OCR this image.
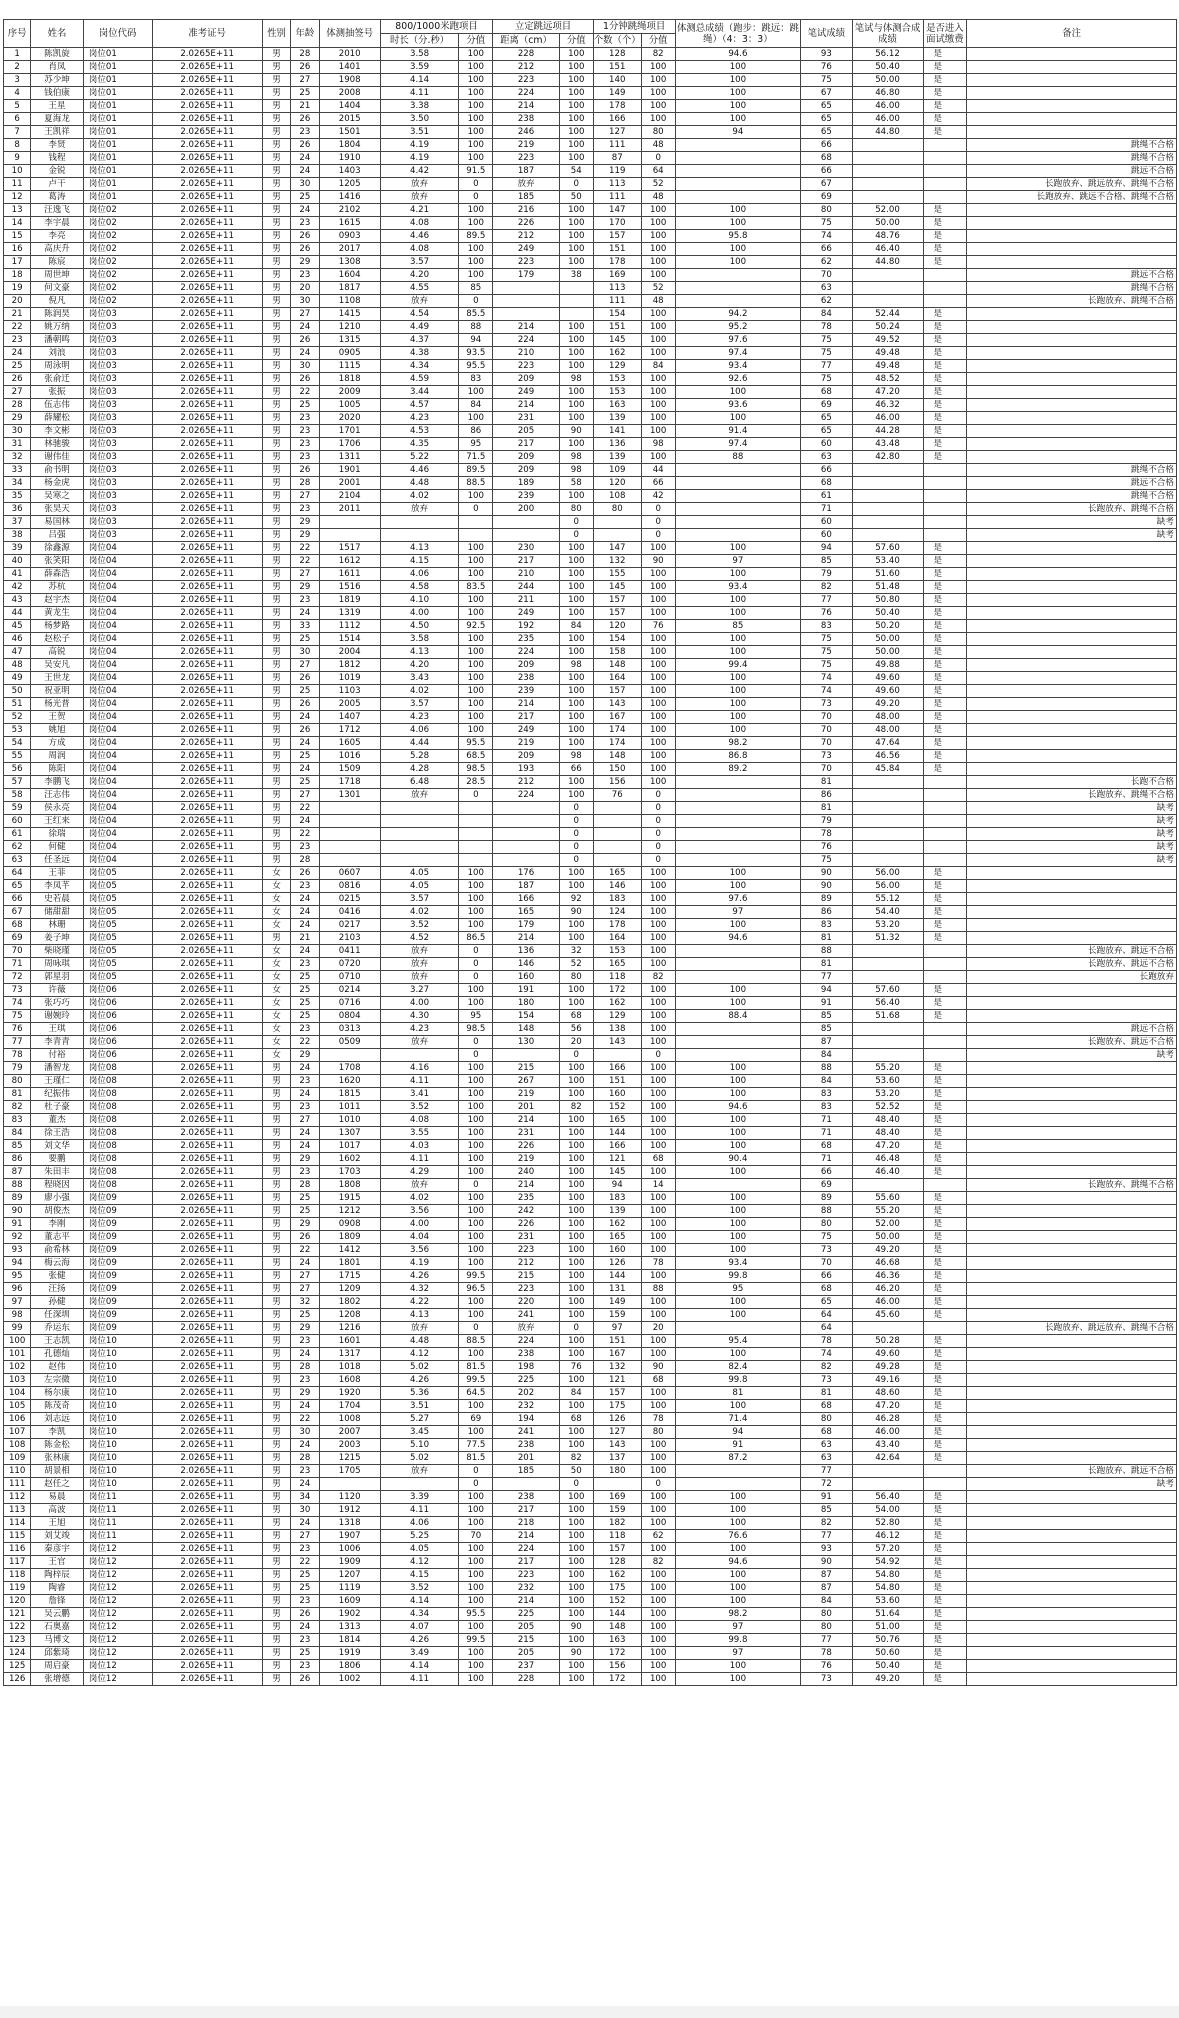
序号	姓名	岗位代码	准考证号	性别	年龄	体测抽签号	800/1000米跑项目		立定跳远项目		1分钟跳绳项目		体测总成绩（跑步：跳远：跳绳）（4：3：3）	笔试成绩	笔试与体测合成成绩	是否进入面试缴费	备注
							时长（分.秒）	分值	距离（cm）	分值	个数（个）	分值					
1	陈凯旋	岗位01	2.0265E+11	男	28	2010	3.58	100	228	100	128	82	94.6	93	56.12	是	
2	肖凤	岗位01	2.0265E+11	男	26	1401	3.59	100	212	100	151	100	100	76	50.40	是	
3	苏少坤	岗位01	2.0265E+11	男	27	1908	4.14	100	223	100	140	100	100	75	50.00	是	
4	钱伯康	岗位01	2.0265E+11	男	25	2008	4.11	100	224	100	149	100	100	67	46.80	是	
5	王星	岗位01	2.0265E+11	男	21	1404	3.38	100	214	100	178	100	100	65	46.00	是	
6	夏海龙	岗位01	2.0265E+11	男	26	2015	3.50	100	238	100	166	100	100	65	46.00	是	
7	王凯祥	岗位01	2.0265E+11	男	23	1501	3.51	100	246	100	127	80	94	65	44.80	是	
8	李贤	岗位01	2.0265E+11	男	26	1804	4.19	100	219	100	111	48		66			跳绳不合格
9	钱程	岗位01	2.0265E+11	男	24	1910	4.19	100	223	100	87	0		68			跳绳不合格
10	金锐	岗位01	2.0265E+11	男	24	1403	4.42	91.5	187	54	119	64		66			跳远不合格
11	卢干	岗位01	2.0265E+11	男	30	1205	放弃	0	放弃	0	113	52		67			长跑放弃、跳远放弃、跳绳不合格
12	葛涛	岗位01	2.0265E+11	男	25	1416	放弃	0	185	50	111	48		69			长跑放弃、跳远不合格、跳绳不合格
13	汪逸飞	岗位02	2.0265E+11	男	24	2102	4.21	100	216	100	147	100	100	80	52.00	是	
14	李宇晨	岗位02	2.0265E+11	男	23	1615	4.08	100	226	100	170	100	100	75	50.00	是	
15	李亮	岗位02	2.0265E+11	男	26	0903	4.46	89.5	212	100	157	100	95.8	74	48.76	是	
16	高庆升	岗位02	2.0265E+11	男	26	2017	4.08	100	249	100	151	100	100	66	46.40	是	
17	陈宸	岗位02	2.0265E+11	男	29	1308	3.57	100	223	100	178	100	100	62	44.80	是	
18	周世坤	岗位02	2.0265E+11	男	23	1604	4.20	100	179	38	169	100		70			跳远不合格
19	何文豪	岗位02	2.0265E+11	男	20	1817	4.55	85			113	52		63			跳绳不合格
20	倪凡	岗位02	2.0265E+11	男	30	1108	放弃	0			111	48		62			长跑放弃、跳绳不合格
21	陈润昊	岗位03	2.0265E+11	男	27	1415	4.54	85.5			154	100	94.2	84	52.44	是	
22	姚万纳	岗位03	2.0265E+11	男	24	1210	4.49	88	214	100	151	100	95.2	78	50.24	是	
23	潘朝鸣	岗位03	2.0265E+11	男	26	1315	4.37	94	224	100	145	100	97.6	75	49.52	是	
24	刘浪	岗位03	2.0265E+11	男	24	0905	4.38	93.5	210	100	162	100	97.4	75	49.48	是	
25	周泳明	岗位03	2.0265E+11	男	30	1115	4.34	95.5	223	100	129	84	93.4	77	49.48	是	
26	张俞迁	岗位03	2.0265E+11	男	26	1818	4.59	83	209	98	153	100	92.6	75	48.52	是	
27	张振	岗位03	2.0265E+11	男	22	2009	3.44	100	249	100	153	100	100	68	47.20	是	
28	伍志伟	岗位03	2.0265E+11	男	25	1005	4.57	84	214	100	163	100	93.6	69	46.32	是	
29	薛耀松	岗位03	2.0265E+11	男	23	2020	4.23	100	231	100	139	100	100	65	46.00	是	
30	李文彬	岗位03	2.0265E+11	男	23	1701	4.53	86	205	90	141	100	91.4	65	44.28	是	
31	林驰骏	岗位03	2.0265E+11	男	23	1706	4.35	95	217	100	136	98	97.4	60	43.48	是	
32	谢伟佳	岗位03	2.0265E+11	男	23	1311	5.22	71.5	209	98	139	100	88	63	42.80	是	
33	俞书明	岗位03	2.0265E+11	男	26	1901	4.46	89.5	209	98	109	44		66			跳绳不合格
34	杨金虎	岗位03	2.0265E+11	男	28	2001	4.48	88.5	189	58	120	66		68			跳远不合格
35	吴寒之	岗位03	2.0265E+11	男	27	2104	4.02	100	239	100	108	42		61			跳绳不合格
36	张昊天	岗位03	2.0265E+11	男	23	2011	放弃	0	200	80	80	0		71			长跑放弃、跳绳不合格
37	易国林	岗位03	2.0265E+11	男	29					0		0		60			缺考
38	吕强	岗位03	2.0265E+11	男	29					0		0		60			缺考
39	徐鑫源	岗位04	2.0265E+11	男	22	1517	4.13	100	230	100	147	100	100	94	57.60	是	
40	张笑阳	岗位04	2.0265E+11	男	22	1612	4.15	100	217	100	132	90	97	85	53.40	是	
41	薛森浩	岗位04	2.0265E+11	男	27	1611	4.06	100	210	100	155	100	100	79	51.60	是	
42	苏杭	岗位04	2.0265E+11	男	29	1516	4.58	83.5	244	100	145	100	93.4	82	51.48	是	
43	赵宇杰	岗位04	2.0265E+11	男	23	1819	4.10	100	211	100	157	100	100	77	50.80	是	
44	黄龙生	岗位04	2.0265E+11	男	24	1319	4.00	100	249	100	157	100	100	76	50.40	是	
45	杨梦路	岗位04	2.0265E+11	男	33	1112	4.50	92.5	192	84	120	76	85	83	50.20	是	
46	赵松子	岗位04	2.0265E+11	男	25	1514	3.58	100	235	100	154	100	100	75	50.00	是	
47	高锐	岗位04	2.0265E+11	男	30	2004	4.13	100	224	100	158	100	100	75	50.00	是	
48	吴安凡	岗位04	2.0265E+11	男	27	1812	4.20	100	209	98	148	100	99.4	75	49.88	是	
49	王世龙	岗位04	2.0265E+11	男	26	1019	3.43	100	238	100	164	100	100	74	49.60	是	
50	祝亚明	岗位04	2.0265E+11	男	25	1103	4.02	100	239	100	157	100	100	74	49.60	是	
51	杨光普	岗位04	2.0265E+11	男	26	2005	3.57	100	214	100	143	100	100	73	49.20	是	
52	王贺	岗位04	2.0265E+11	男	24	1407	4.23	100	217	100	167	100	100	70	48.00	是	
53	姚旭	岗位04	2.0265E+11	男	26	1712	4.06	100	249	100	174	100	100	70	48.00	是	
54	方成	岗位04	2.0265E+11	男	24	1605	4.44	95.5	219	100	174	100	98.2	70	47.64	是	
55	周润	岗位04	2.0265E+11	男	25	1016	5.28	68.5	209	98	148	100	86.8	73	46.56	是	
56	陈阳	岗位04	2.0265E+11	男	24	1509	4.28	98.5	193	66	150	100	89.2	70	45.84	是	
57	李鹏飞	岗位04	2.0265E+11	男	25	1718	6.48	28.5	212	100	156	100		81			长跑不合格
58	汪志伟	岗位04	2.0265E+11	男	27	1301	放弃	0	224	100	76	0		86			长跑放弃、跳绳不合格
59	侯永亮	岗位04	2.0265E+11	男	22					0		0		81			缺考
60	王红来	岗位04	2.0265E+11	男	24					0		0		79			缺考
61	徐瑞	岗位04	2.0265E+11	男	22					0		0		78			缺考
62	何健	岗位04	2.0265E+11	男	23					0		0		76			缺考
63	任圣远	岗位04	2.0265E+11	男	28					0		0		75			缺考
64	王菲	岗位05	2.0265E+11	女	26	0607	4.05	100	176	100	165	100	100	90	56.00	是	
65	李凤芊	岗位05	2.0265E+11	女	23	0816	4.05	100	187	100	146	100	100	90	56.00	是	
66	史若晨	岗位05	2.0265E+11	女	24	0215	3.57	100	166	92	183	100	97.6	89	55.12	是	
67	储甜甜	岗位05	2.0265E+11	女	24	0416	4.02	100	165	90	124	100	97	86	54.40	是	
68	林珊	岗位05	2.0265E+11	女	24	0217	3.52	100	179	100	178	100	100	83	53.20	是	
69	姜子坤	岗位05	2.0265E+11	男	21	2103	4.52	86.5	214	100	164	100	94.6	81	51.32	是	
70	柴晓瑾	岗位05	2.0265E+11	女	24	0411	放弃	0	136	32	153	100		88			长跑放弃、跳远不合格
71	周咏琪	岗位05	2.0265E+11	女	23	0720	放弃	0	146	52	165	100		81			长跑放弃、跳远不合格
72	郭星羽	岗位05	2.0265E+11	女	25	0710	放弃	0	160	80	118	82		77			长跑放弃
73	许薇	岗位06	2.0265E+11	女	25	0214	3.27	100	191	100	172	100	100	94	57.60	是	
74	张巧巧	岗位06	2.0265E+11	女	25	0716	4.00	100	180	100	162	100	100	91	56.40	是	
75	谢婉玲	岗位06	2.0265E+11	女	25	0804	4.30	95	154	68	129	100	88.4	85	51.68	是	
76	王琪	岗位06	2.0265E+11	女	23	0313	4.23	98.5	148	56	138	100		85			跳远不合格
77	李青青	岗位06	2.0265E+11	女	22	0509	放弃	0	130	20	143	100		87			长跑放弃、跳远不合格
78	付裕	岗位06	2.0265E+11	女	29			0		0		0		84			缺考
79	潘智龙	岗位08	2.0265E+11	男	24	1708	4.16	100	215	100	166	100	100	88	55.20	是	
80	王瑾仁	岗位08	2.0265E+11	男	23	1620	4.11	100	267	100	151	100	100	84	53.60	是	
81	纪振伟	岗位08	2.0265E+11	男	24	1815	3.41	100	219	100	160	100	100	83	53.20	是	
82	杜子豪	岗位08	2.0265E+11	男	23	1011	3.52	100	201	82	152	100	94.6	83	52.52	是	
83	董杰	岗位08	2.0265E+11	男	27	1010	4.08	100	214	100	165	100	100	71	48.40	是	
84	徐王浩	岗位08	2.0265E+11	男	24	1307	3.55	100	231	100	144	100	100	71	48.40	是	
85	刘文华	岗位08	2.0265E+11	男	24	1017	4.03	100	226	100	166	100	100	68	47.20	是	
86	要鹏	岗位08	2.0265E+11	男	29	1602	4.11	100	219	100	121	68	90.4	71	46.48	是	
87	朱田丰	岗位08	2.0265E+11	男	23	1703	4.29	100	240	100	145	100	100	66	46.40	是	
88	程晓因	岗位08	2.0265E+11	男	28	1808	放弃	0	214	100	94	14		69			长跑放弃、跳绳不合格
89	廖小强	岗位09	2.0265E+11	男	25	1915	4.02	100	235	100	183	100	100	89	55.60	是	
90	胡俊杰	岗位09	2.0265E+11	男	25	1212	3.56	100	242	100	139	100	100	88	55.20	是	
91	李刚	岗位09	2.0265E+11	男	29	0908	4.00	100	226	100	162	100	100	80	52.00	是	
92	董志平	岗位09	2.0265E+11	男	26	1809	4.04	100	231	100	165	100	100	75	50.00	是	
93	俞希林	岗位09	2.0265E+11	男	22	1412	3.56	100	223	100	160	100	100	73	49.20	是	
94	梅云海	岗位09	2.0265E+11	男	24	1801	4.19	100	212	100	126	78	93.4	70	46.68	是	
95	张健	岗位09	2.0265E+11	男	27	1715	4.26	99.5	215	100	144	100	99.8	66	46.36	是	
96	汪扬	岗位09	2.0265E+11	男	27	1209	4.32	96.5	223	100	131	88	95	68	46.20	是	
97	孙健	岗位09	2.0265E+11	男	32	1802	4.22	100	220	100	149	100	100	65	46.00	是	
98	任深圳	岗位09	2.0265E+11	男	25	1208	4.13	100	241	100	159	100	100	64	45.60	是	
99	乔运东	岗位09	2.0265E+11	男	29	1216	放弃	0	放弃	0	97	20		64			长跑放弃、跳远放弃、跳绳不合格
100	王志凯	岗位10	2.0265E+11	男	23	1601	4.48	88.5	224	100	151	100	95.4	78	50.28	是	
101	孔德灿	岗位10	2.0265E+11	男	24	1317	4.12	100	238	100	167	100	100	74	49.60	是	
102	赵伟	岗位10	2.0265E+11	男	28	1018	5.02	81.5	198	76	132	90	82.4	82	49.28	是	
103	左宗微	岗位10	2.0265E+11	男	23	1608	4.26	99.5	225	100	121	68	99.8	73	49.16	是	
104	杨尔康	岗位10	2.0265E+11	男	29	1920	5.36	64.5	202	84	157	100	81	81	48.60	是	
105	陈茂奇	岗位10	2.0265E+11	男	24	1704	3.51	100	232	100	175	100	100	68	47.20	是	
106	刘志远	岗位10	2.0265E+11	男	22	1008	5.27	69	194	68	126	78	71.4	80	46.28	是	
107	李凯	岗位10	2.0265E+11	男	30	2007	3.45	100	241	100	127	80	94	68	46.00	是	
108	陈金松	岗位10	2.0265E+11	男	24	2003	5.10	77.5	238	100	143	100	91	63	43.40	是	
109	张林康	岗位10	2.0265E+11	男	28	1215	5.02	81.5	201	82	137	100	87.2	63	42.64	是	
110	胡景相	岗位10	2.0265E+11	男	23	1705	放弃	0	185	50	180	100		77			长跑放弃、跳远不合格
111	赵任之	岗位10	2.0265E+11	男	24			0		0		0		72			缺考
112	易晨	岗位11	2.0265E+11	男	34	1120	3.39	100	238	100	169	100	100	91	56.40	是	
113	高波	岗位11	2.0265E+11	男	30	1912	4.11	100	217	100	159	100	100	85	54.00	是	
114	王旭	岗位11	2.0265E+11	男	24	1318	4.06	100	218	100	182	100	100	82	52.80	是	
115	刘艾竣	岗位11	2.0265E+11	男	27	1907	5.25	70	214	100	118	62	76.6	77	46.12	是	
116	秦彦宇	岗位12	2.0265E+11	男	23	1006	4.05	100	224	100	157	100	100	93	57.20	是	
117	王官	岗位12	2.0265E+11	男	22	1909	4.12	100	217	100	128	82	94.6	90	54.92	是	
118	陶梓辰	岗位12	2.0265E+11	男	25	1207	4.15	100	223	100	162	100	100	87	54.80	是	
119	陶睿	岗位12	2.0265E+11	男	25	1119	3.52	100	232	100	175	100	100	87	54.80	是	
120	詹锋	岗位12	2.0265E+11	男	23	1609	4.14	100	214	100	152	100	100	84	53.60	是	
121	吴云鹏	岗位12	2.0265E+11	男	26	1902	4.34	95.5	225	100	144	100	98.2	80	51.64	是	
122	石奥嘉	岗位12	2.0265E+11	男	24	1313	4.07	100	205	90	148	100	97	80	51.00	是	
123	马博文	岗位12	2.0265E+11	男	23	1814	4.26	99.5	215	100	163	100	99.8	77	50.76	是	
124	邱紫琦	岗位12	2.0265E+11	男	25	1919	3.49	100	205	90	172	100	97	78	50.60	是	
125	周启豪	岗位12	2.0265E+11	男	23	1806	4.14	100	237	100	156	100	100	76	50.40	是	
126	张增德	岗位12	2.0265E+11	男	26	1002	4.11	100	228	100	172	100	100	73	49.20	是	
